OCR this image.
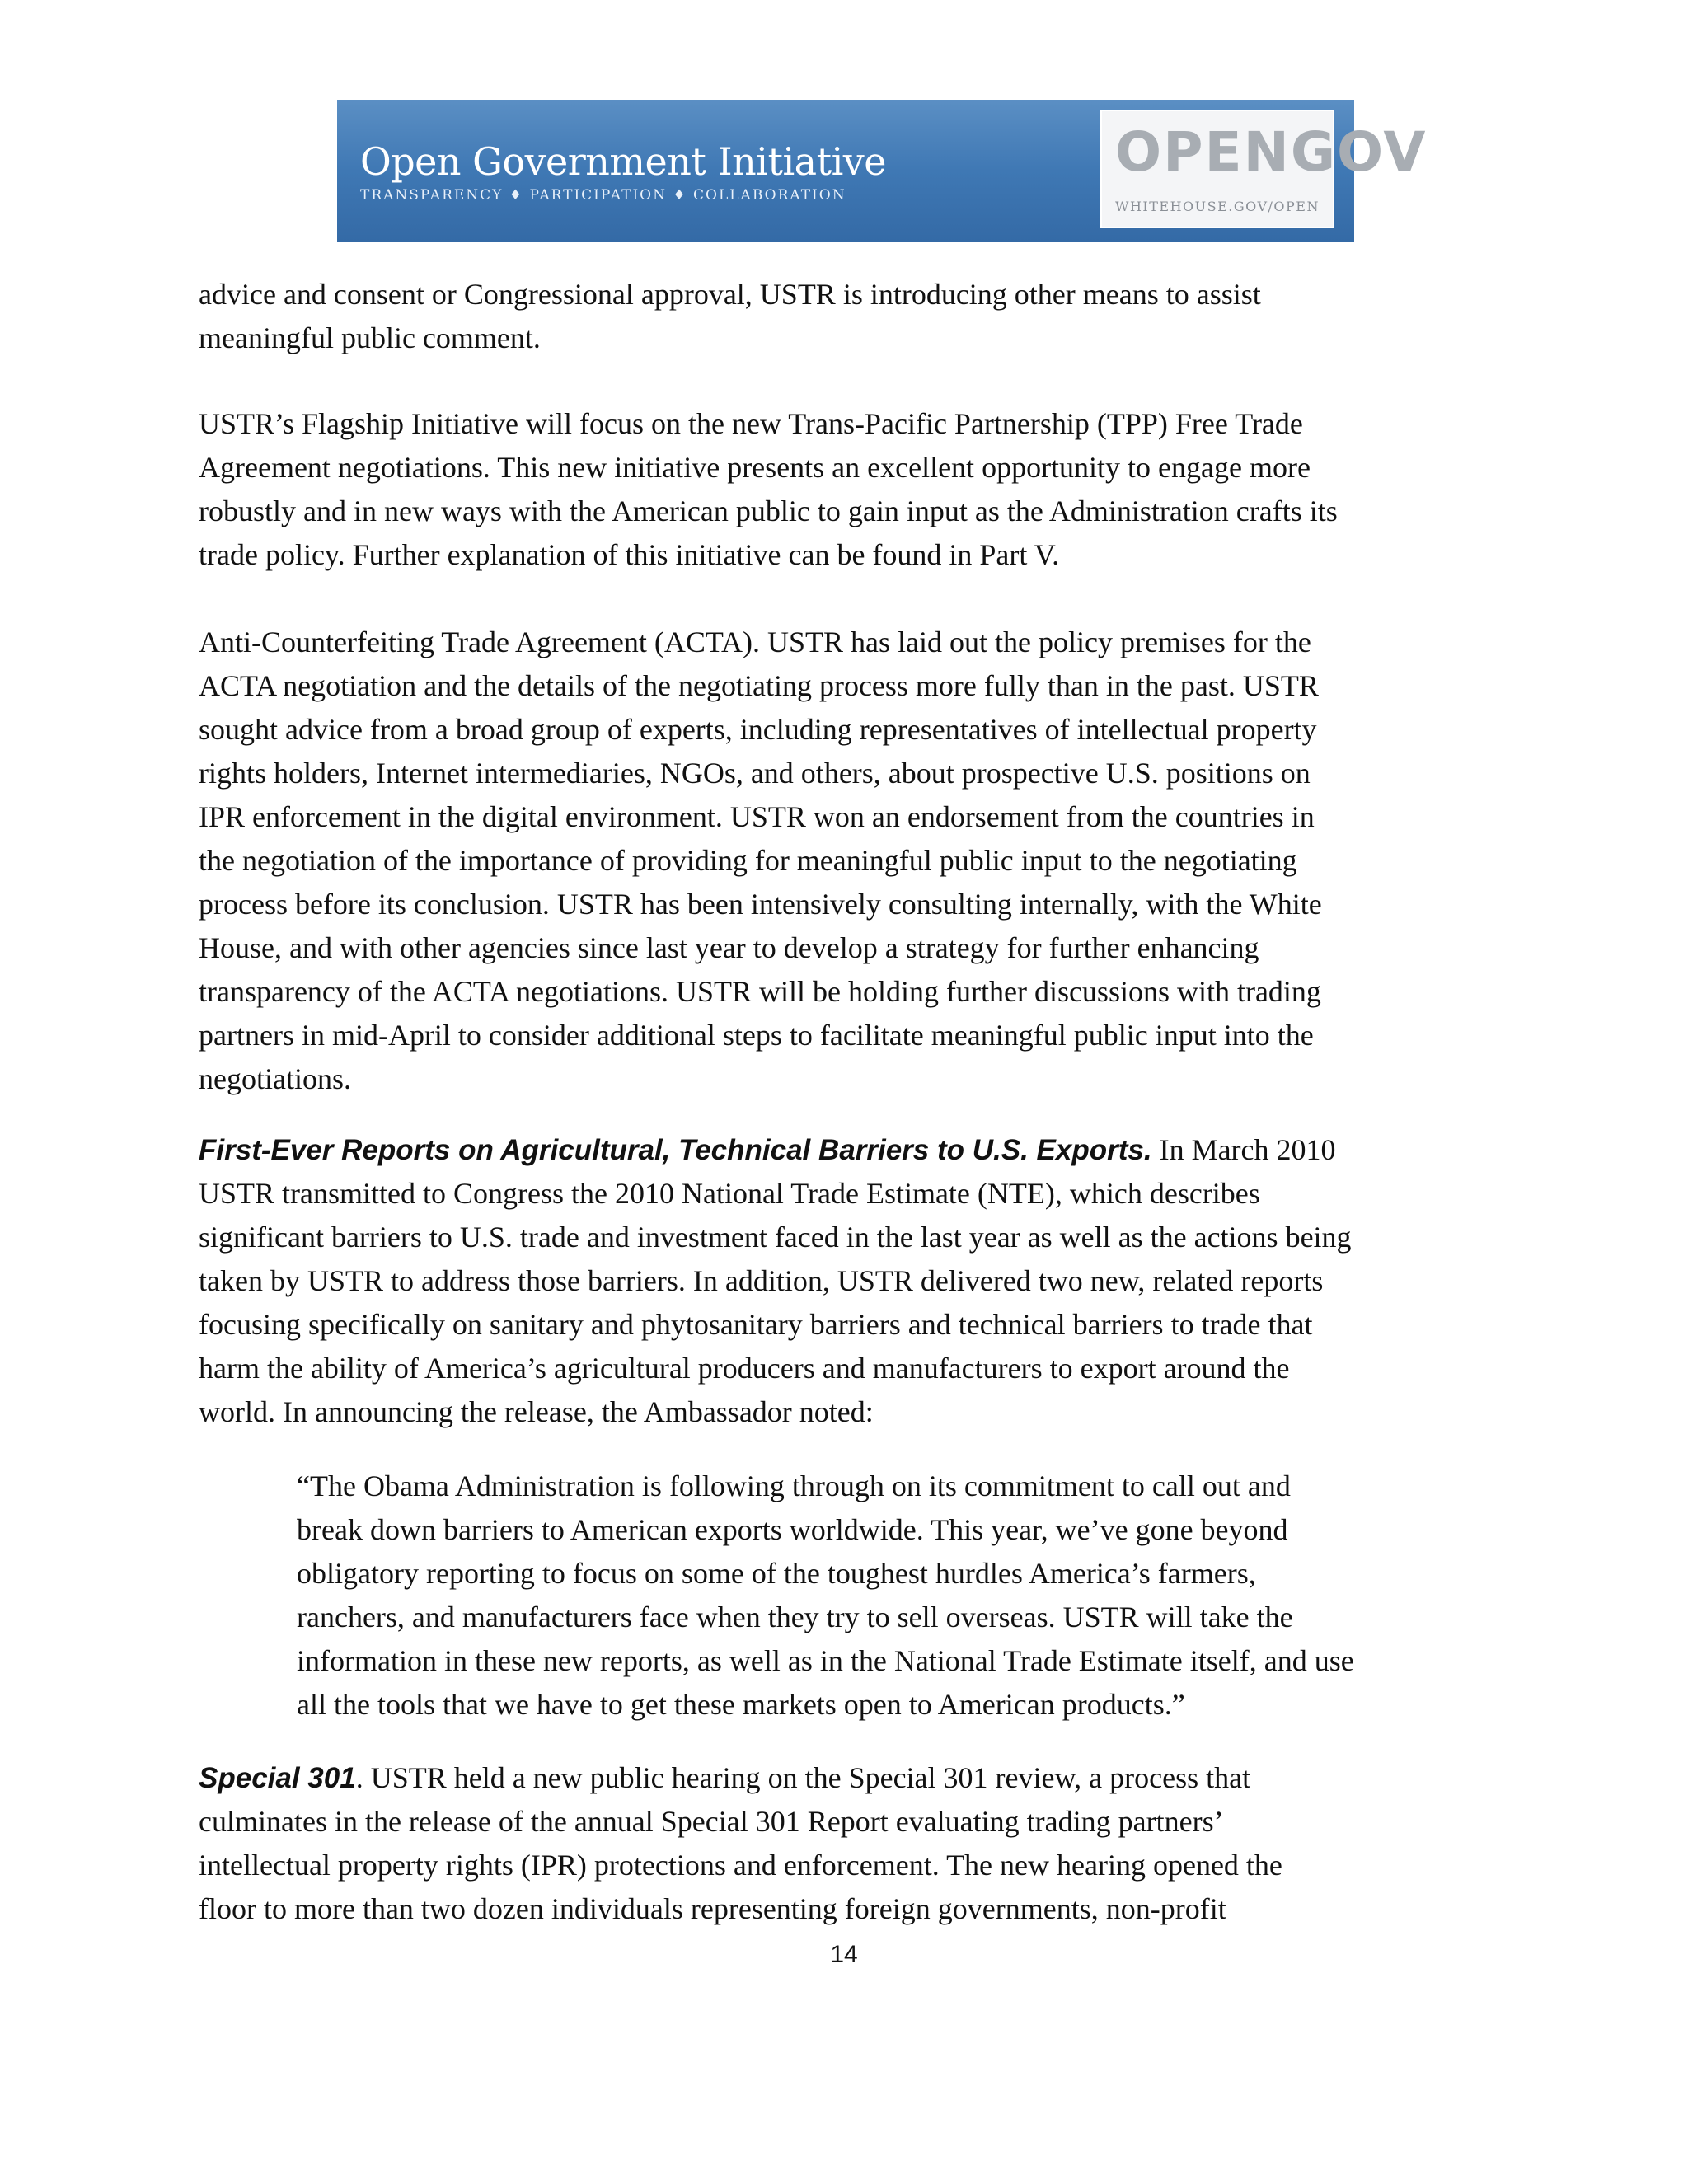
Open Government Initiative
TRANSPARENCY ♦ PARTICIPATION ♦ COLLABORATION
OPENGOV
WHITEHOUSE.GOV/OPEN
advice and consent or Congressional approval, USTR is introducing other means to assist
meaningful public comment.
USTR’s Flagship Initiative will focus on the new Trans-Pacific Partnership (TPP) Free Trade
Agreement negotiations. This new initiative presents an excellent opportunity to engage more
robustly and in new ways with the American public to gain input as the Administration crafts its
trade policy. Further explanation of this initiative can be found in Part V.
Anti-Counterfeiting Trade Agreement (ACTA). USTR has laid out the policy premises for the
ACTA negotiation and the details of the negotiating process more fully than in the past. USTR
sought advice from a broad group of experts, including representatives of intellectual property
rights holders, Internet intermediaries, NGOs, and others, about prospective U.S. positions on
IPR enforcement in the digital environment. USTR won an endorsement from the countries in
the negotiation of the importance of providing for meaningful public input to the negotiating
process before its conclusion. USTR has been intensively consulting internally, with the White
House, and with other agencies since last year to develop a strategy for further enhancing
transparency of the ACTA negotiations. USTR will be holding further discussions with trading
partners in mid-April to consider additional steps to facilitate meaningful public input into the
negotiations.
First-Ever Reports on Agricultural, Technical Barriers to U.S. Exports. In March 2010
USTR transmitted to Congress the 2010 National Trade Estimate (NTE), which describes
significant barriers to U.S. trade and investment faced in the last year as well as the actions being
taken by USTR to address those barriers. In addition, USTR delivered two new, related reports
focusing specifically on sanitary and phytosanitary barriers and technical barriers to trade that
harm the ability of America’s agricultural producers and manufacturers to export around the
world. In announcing the release, the Ambassador noted:
“The Obama Administration is following through on its commitment to call out and
break down barriers to American exports worldwide. This year, we’ve gone beyond
obligatory reporting to focus on some of the toughest hurdles America’s farmers,
ranchers, and manufacturers face when they try to sell overseas. USTR will take the
information in these new reports, as well as in the National Trade Estimate itself, and use
all the tools that we have to get these markets open to American products.”
Special 301. USTR held a new public hearing on the Special 301 review, a process that
culminates in the release of the annual Special 301 Report evaluating trading partners’
intellectual property rights (IPR) protections and enforcement. The new hearing opened the
floor to more than two dozen individuals representing foreign governments, non-profit
14
